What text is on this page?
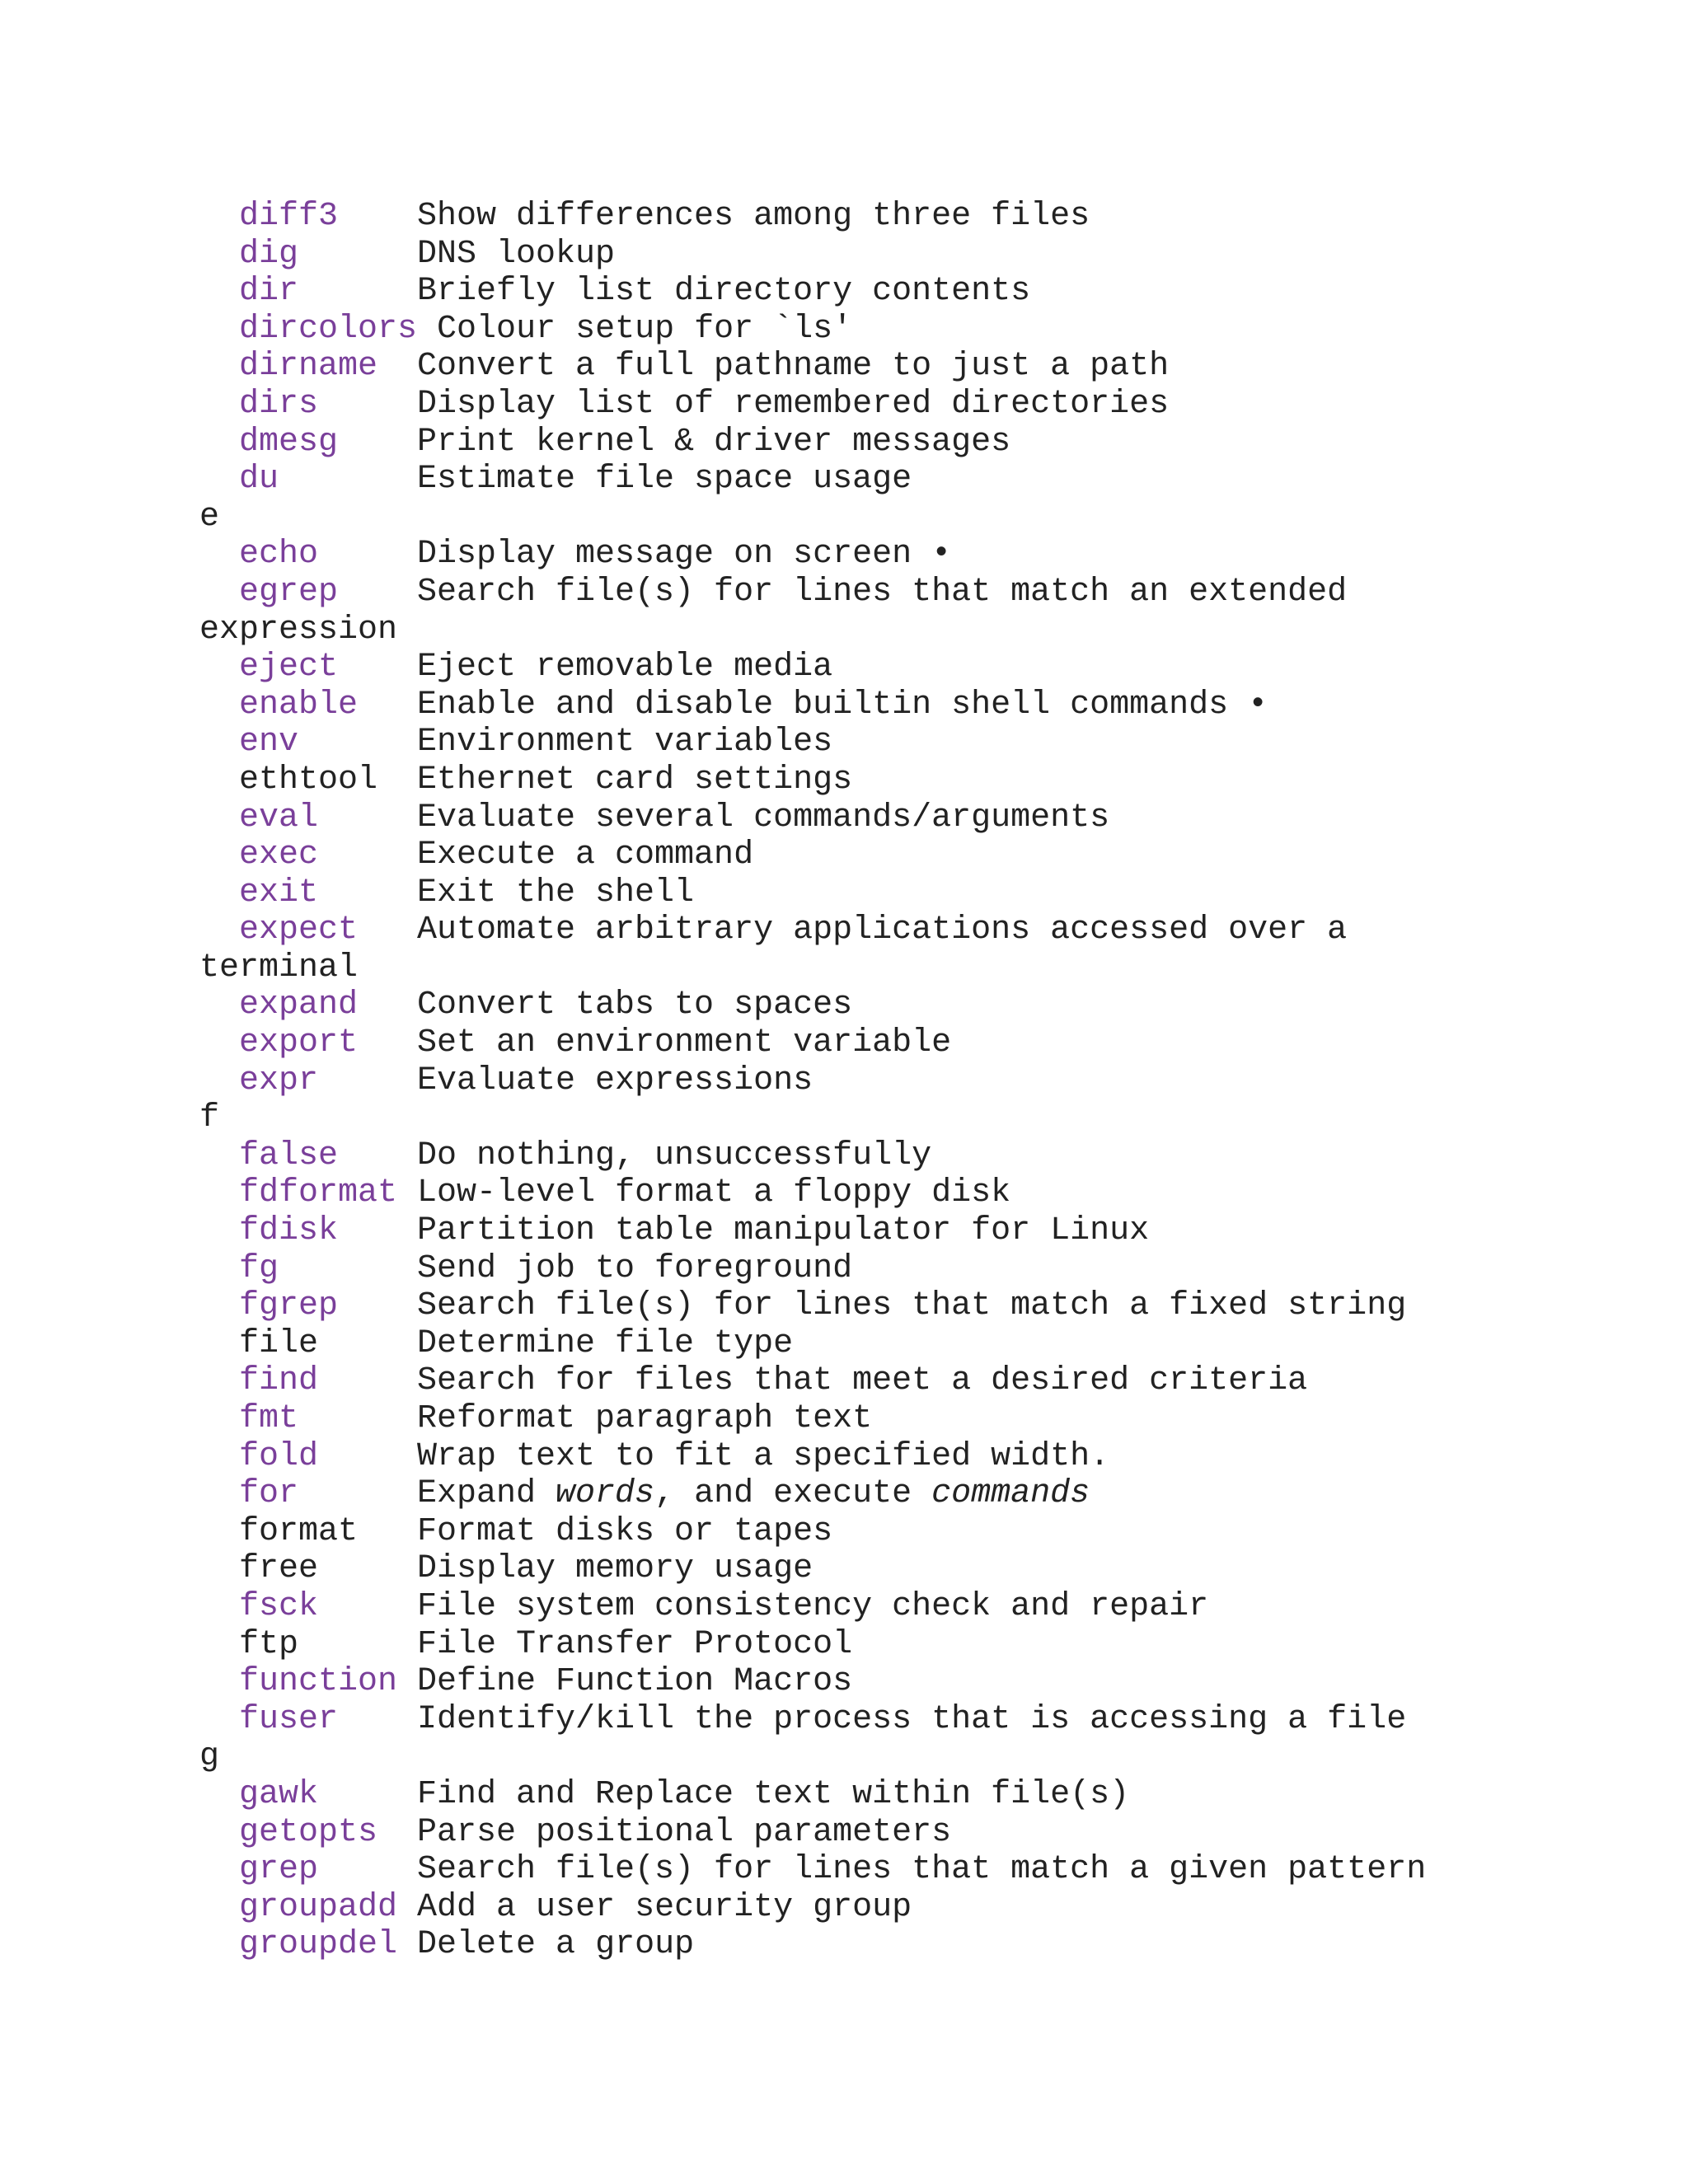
diff3 Show differences among three files
dig	DNS lookup
dir	Briefly list directory contents
dircolors Colour setup for `ls'
dirname Convert a full pathname to just a path
dirs	Display list of remembered directories
dmesg Print kernel & driver messages
du	Estimate file space usage
e
echo	Display message on screen •
egrep Search file(s) for lines that match an extended
expression
eject Eject removable media
enable Enable and disable builtin shell commands •
env	Environment variables
ethtool Ethernet card settings
eval	Evaluate several commands/arguments
exec	Execute a command
exit	Exit the shell
expect Automate arbitrary applications accessed over a
terminal
expand Convert tabs to spaces
export Set an environment variable
expr	Evaluate expressions
f
false Do nothing, unsuccessfully
fdformat Low-level format a floppy disk
fdisk Partition table manipulator for Linux
fg	Send job to foreground
fgrep Search file(s) for lines that match a fixed string
file	Determine file type
find	Search for files that meet a desired criteria
fmt	Reformat paragraph text
fold	Wrap text to fit a specified width.
for	Expand words, and execute commands
format Format disks or tapes
free	Display memory usage
fsck	File system consistency check and repair
ftp	File Transfer Protocol
function Define Function Macros
fuser Identify/kill the process that is accessing a file
g
gawk	Find and Replace text within file(s)
getopts Parse positional parameters
grep	Search file(s) for lines that match a given pattern
groupadd Add a user security group
groupdel Delete a group
